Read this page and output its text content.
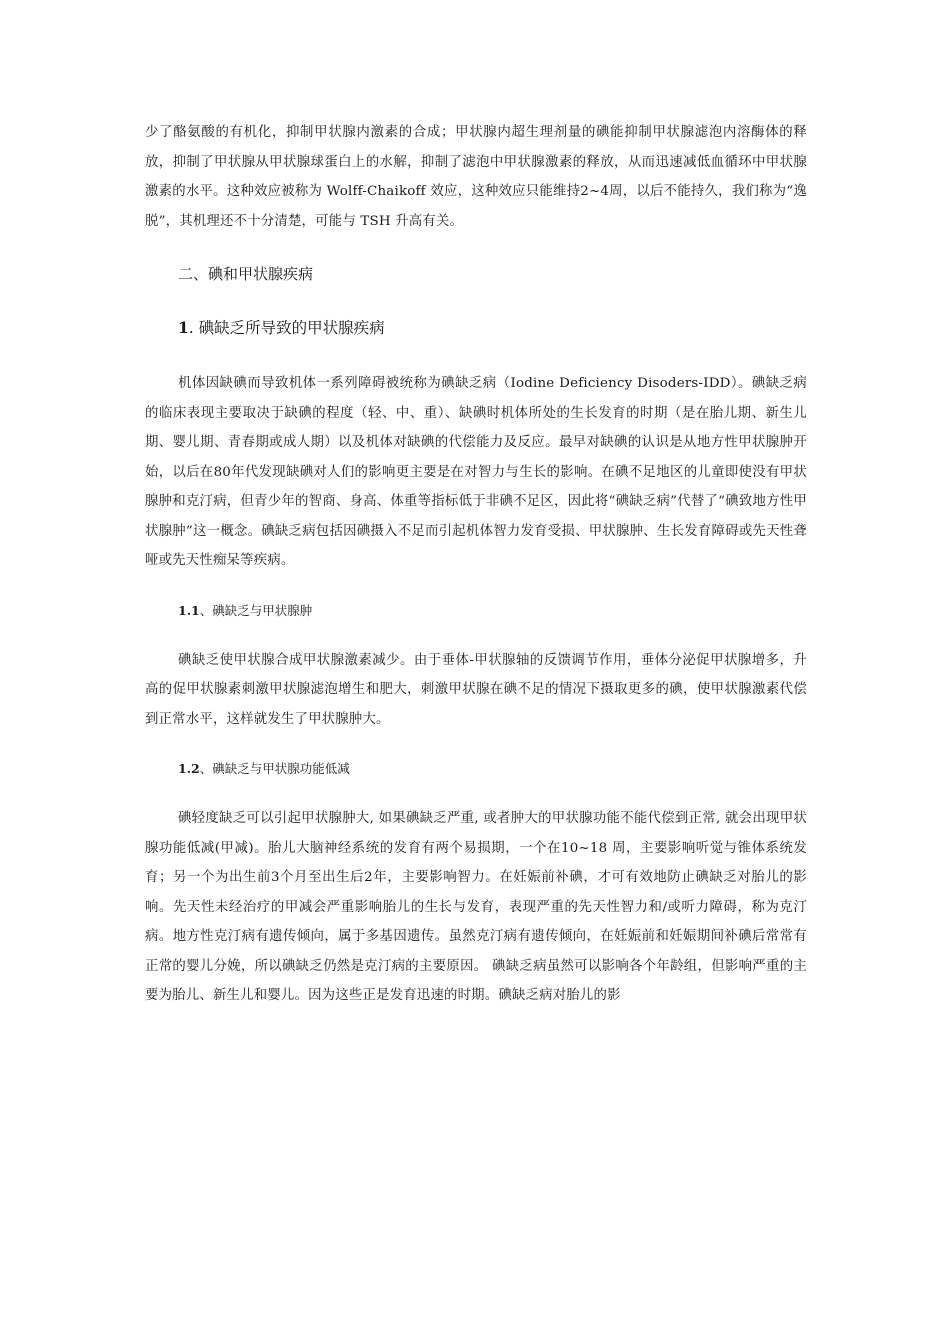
少了酪氨酸的有机化，抑制甲状腺内激素的合成；甲状腺内超生理剂量的碘能抑制甲状腺滤泡内溶酶体的释放，抑制了甲状腺从甲状腺球蛋白上的水解，抑制了滤泡中甲状腺激素的释放，从而迅速减低血循环中甲状腺激素的水平。这种效应被称为 Wolff-Chaikoff 效应，这种效应只能维持2~4周，以后不能持久，我们称为“逸脱”，其机理还不十分清楚，可能与 TSH 升高有关。

二、碘和甲状腺疾病

1. 碘缺乏所导致的甲状腺疾病

机体因缺碘而导致机体一系列障碍被统称为碘缺乏病（Iodine Deficiency Disoders-IDD）。碘缺乏病的临床表现主要取决于缺碘的程度（轻、中、重）、缺碘时机体所处的生长发育的时期（是在胎儿期、新生儿期、婴儿期、青春期或成人期）以及机体对缺碘的代偿能力及反应。最早对缺碘的认识是从地方性甲状腺肿开始，以后在80年代发现缺碘对人们的影响更主要是在对智力与生长的影响。在碘不足地区的儿童即使没有甲状腺肿和克汀病，但青少年的智商、身高、体重等指标低于非碘不足区，因此将“碘缺乏病”代替了“碘致地方性甲状腺肿”这一概念。碘缺乏病包括因碘摄入不足而引起机体智力发育受损、甲状腺肿、生长发育障碍或先天性聋哑或先天性痴呆等疾病。

1.1、碘缺乏与甲状腺肿

碘缺乏使甲状腺合成甲状腺激素减少。由于垂体-甲状腺轴的反馈调节作用，垂体分泌促甲状腺增多，升高的促甲状腺素刺激甲状腺滤泡增生和肥大，刺激甲状腺在碘不足的情况下摄取更多的碘，使甲状腺激素代偿到正常水平，这样就发生了甲状腺肿大。

1.2、碘缺乏与甲状腺功能低减

碘轻度缺乏可以引起甲状腺肿大, 如果碘缺乏严重, 或者肿大的甲状腺功能不能代偿到正常, 就会出现甲状腺功能低减(甲减)。胎儿大脑神经系统的发育有两个易损期，一个在10~18 周，主要影响听觉与锥体系统发育；另一个为出生前3个月至出生后2年，主要影响智力。在妊娠前补碘，才可有效地防止碘缺乏对胎儿的影响。先天性未经治疗的甲减会严重影响胎儿的生长与发育，表现严重的先天性智力和/或听力障碍，称为克汀病。地方性克汀病有遗传倾向，属于多基因遗传。虽然克汀病有遗传倾向，在妊娠前和妊娠期间补碘后常常有正常的婴儿分娩，所以碘缺乏仍然是克汀病的主要原因。 碘缺乏病虽然可以影响各个年龄组，但影响严重的主要为胎儿、新生儿和婴儿。因为这些正是发育迅速的时期。碘缺乏病对胎儿的影
